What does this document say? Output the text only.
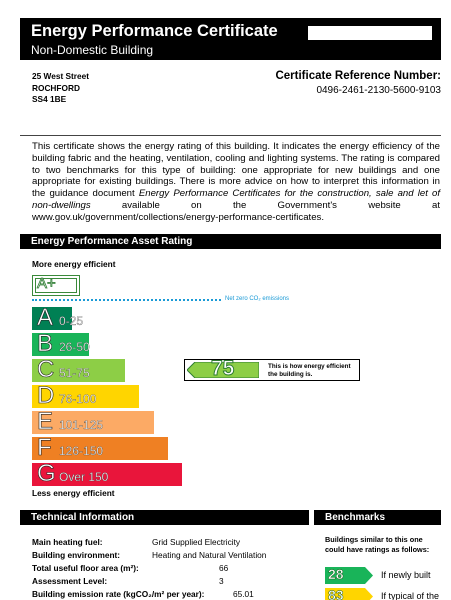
Energy Performance Certificate
Non-Domestic Building
25 West Street
ROCHFORD
SS4 1BE
Certificate Reference Number:
0496-2461-2130-5600-9103

This certificate shows the energy rating of this building. It indicates the energy efficiency of the building fabric and the heating, ventilation, cooling and lighting systems. The rating is compared to two benchmarks for this type of building: one appropriate for new buildings and one appropriate for existing buildings. There is more advice on how to interpret this information in the guidance document Energy Performance Certificates for the construction, sale and let of non-dwellings available on the Government's website at www.gov.uk/government/collections/energy-performance-certificates.

Energy Performance Asset Rating
More energy efficient
A+
Net zero CO₂ emissions
A 0-25
B 26-50
C 51-75
D 76-100
E 101-125
F 126-150
G Over 150
75	This is how energy efficient
the building is.
Less energy efficient
Technical Information
Main heating fuel:	Grid Supplied Electricity
Building environment:	Heating and Natural Ventilation
Total useful floor area (m²):	66
Assessment Level:	3
Building emission rate (kgCO₂/m² per year):	65.01
Benchmarks
Buildings similar to this one could have ratings as follows:
28	If newly built
83	If typical of the
